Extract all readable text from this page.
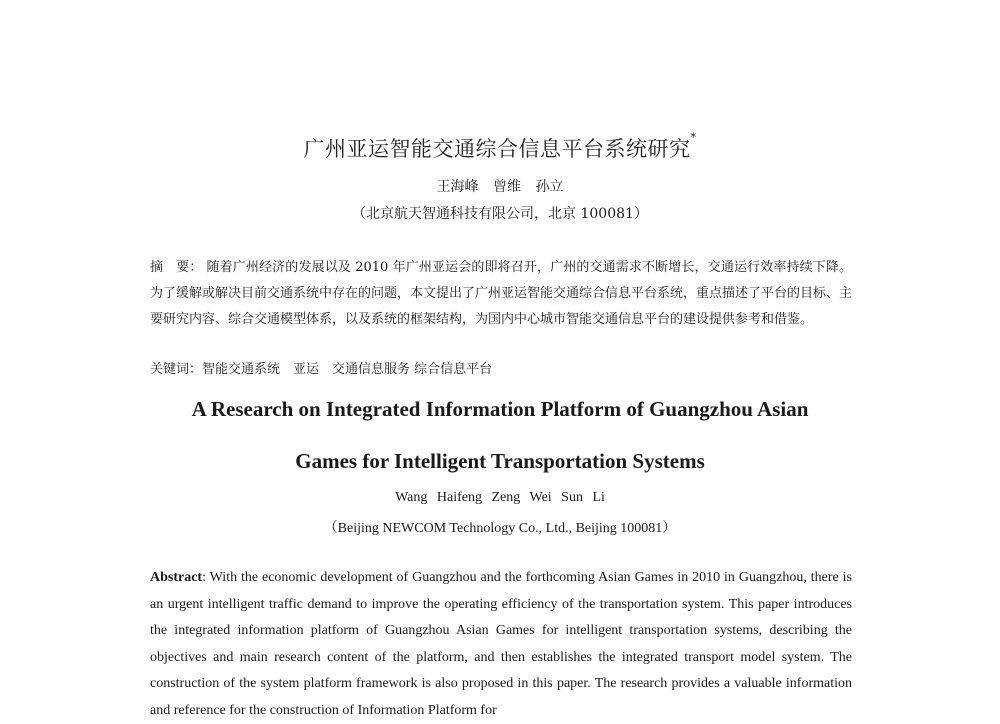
广州亚运智能交通综合信息平台系统研究*
王海峰 曾维 孙立
（北京航天智通科技有限公司，北京 100081）
摘　要： 随着广州经济的发展以及 2010 年广州亚运会的即将召开，广州的交通需求不断增长，交通运行效率持续下降。为了缓解或解决目前交通系统中存在的问题，本文提出了广州亚运智能交通综合信息平台系统，重点描述了平台的目标、主要研究内容、综合交通模型体系，以及系统的框架结构，为国内中心城市智能交通信息平台的建设提供参考和借鉴。
关键词：智能交通系统　亚运　交通信息服务 综合信息平台
A Research on Integrated Information Platform of Guangzhou Asian
Games for Intelligent Transportation Systems
Wang Haifeng Zeng Wei Sun Li
（Beijing NEWCOM Technology Co., Ltd., Beijing 100081）
Abstract: With the economic development of Guangzhou and the forthcoming Asian Games in 2010 in Guangzhou, there is an urgent intelligent traffic demand to improve the operating efficiency of the transportation system. This paper introduces the integrated information platform of Guangzhou Asian Games for intelligent transportation systems, describing the objectives and main research content of the platform, and then establishes the integrated transport model system. The construction of the system platform framework is also proposed in this paper. The research provides a valuable information and reference for the construction of Information Platform for
